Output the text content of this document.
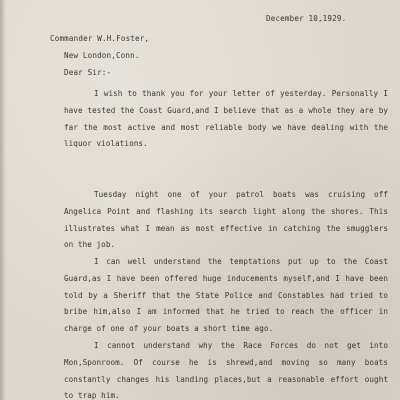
December 10,1929.
Commander W.H.Foster,
New London,Conn.
Dear Sir:-
I wish to thank you for your letter of yesterday. Personally I have tested the Coast Guard,and I believe that as a whole they are by far the most active and most reliable body we have dealing with the liquor violations.
Tuesday night one of your patrol boats was cruising off Angelica Point and flashing its search light along the shores. This illustrates what I mean as most effective in catching the smugglers on the job.
I can well understand the temptations put up to the Coast Guard,as I have been offered huge inducements myself,and I have been told by a Sheriff that the State Police and Constables had tried to bribe him,also I am informed that he tried to reach the officer in charge of one of your boats a short time ago.
I cannot understand why the Race Forces do not get into Mon,Sponroom. Of course he is shrewd,and moving so many boats constantly changes his landing places,but a reasonable effort ought to trap him.
